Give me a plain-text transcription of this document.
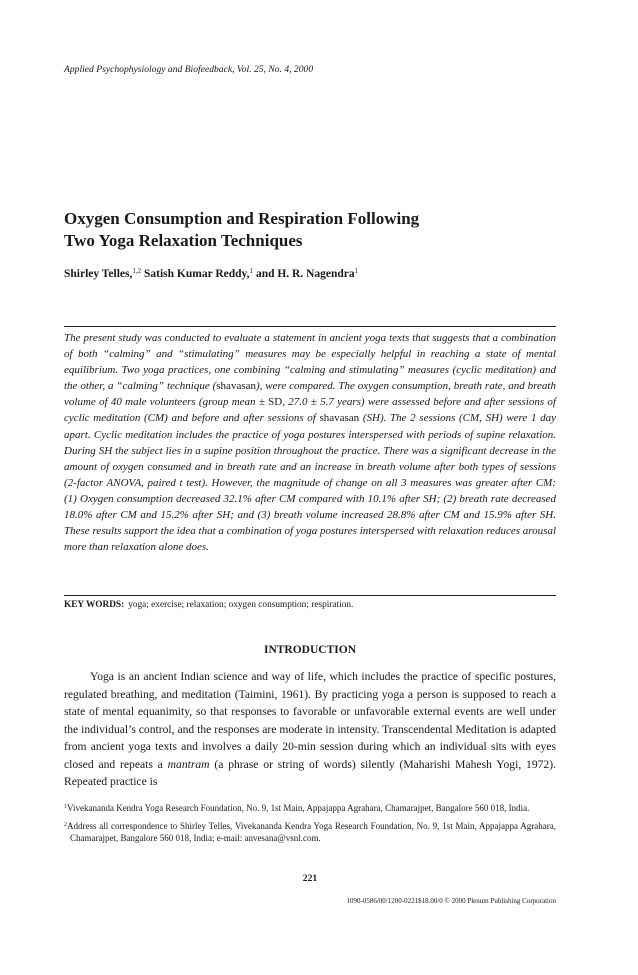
Applied Psychophysiology and Biofeedback, Vol. 25, No. 4, 2000
Oxygen Consumption and Respiration Following
Two Yoga Relaxation Techniques
Shirley Telles,$^{1,2}$ Satish Kumar Reddy,$^1$ and H. R. Nagendra$^1$

The present study was conducted to evaluate a statement in ancient yoga texts that suggests that a combination of both “calming” and “stimulating” measures may be especially helpful in reaching a state of mental equilibrium. Two yoga practices, one combining “calming and stimulating” measures (cyclic meditation) and the other, a “calming” technique (shavasan), were compared. The oxygen consumption, breath rate, and breath volume of 40 male volunteers (group mean ± SD, 27.0 ± 5.7 years) were assessed before and after sessions of cyclic meditation (CM) and before and after sessions of shavasan (SH). The 2 sessions (CM, SH) were 1 day apart. Cyclic meditation includes the practice of yoga postures interspersed with periods of supine relaxation. During SH the subject lies in a supine position throughout the practice. There was a significant decrease in the amount of oxygen consumed and in breath rate and an increase in breath volume after both types of sessions (2-factor ANOVA, paired t test). However, the magnitude of change on all 3 measures was greater after CM: (1) Oxygen consumption decreased 32.1% after CM compared with 10.1% after SH; (2) breath rate decreased 18.0% after CM and 15.2% after SH; and (3) breath volume increased 28.8% after CM and 15.9% after SH. These results support the idea that a combination of yoga postures interspersed with relaxation reduces arousal more than relaxation alone does.

KEY WORDS: yoga; exercise; relaxation; oxygen consumption; respiration.
INTRODUCTION

Yoga is an ancient Indian science and way of life, which includes the practice of specific postures, regulated breathing, and meditation (Taimini, 1961). By practicing yoga a person is supposed to reach a state of mental equanimity, so that responses to favorable or unfavorable external events are well under the individual’s control, and the responses are moderate in intensity. Transcendental Meditation is adapted from ancient yoga texts and involves a daily 20-min session during which an individual sits with eyes closed and repeats a mantram (a phrase or string of words) silently (Maharishi Mahesh Yogi, 1972). Repeated practice is

$^1$Vivekananda Kendra Yoga Research Foundation, No. 9, 1st Main, Appajappa Agrahara, Chamarajpet, Bangalore 560 018, India.

$^2$Address all correspondence to Shirley Telles, Vivekananda Kendra Yoga Research Foundation, No. 9, 1st Main, Appajappa Agrahara, Chamarajpet, Bangalore 560 018, India; e-mail: anvesana@vsnl.com.

221
1090-0586/00/1200-0221$18.00/0 © 2000 Plenum Publishing Corporation
